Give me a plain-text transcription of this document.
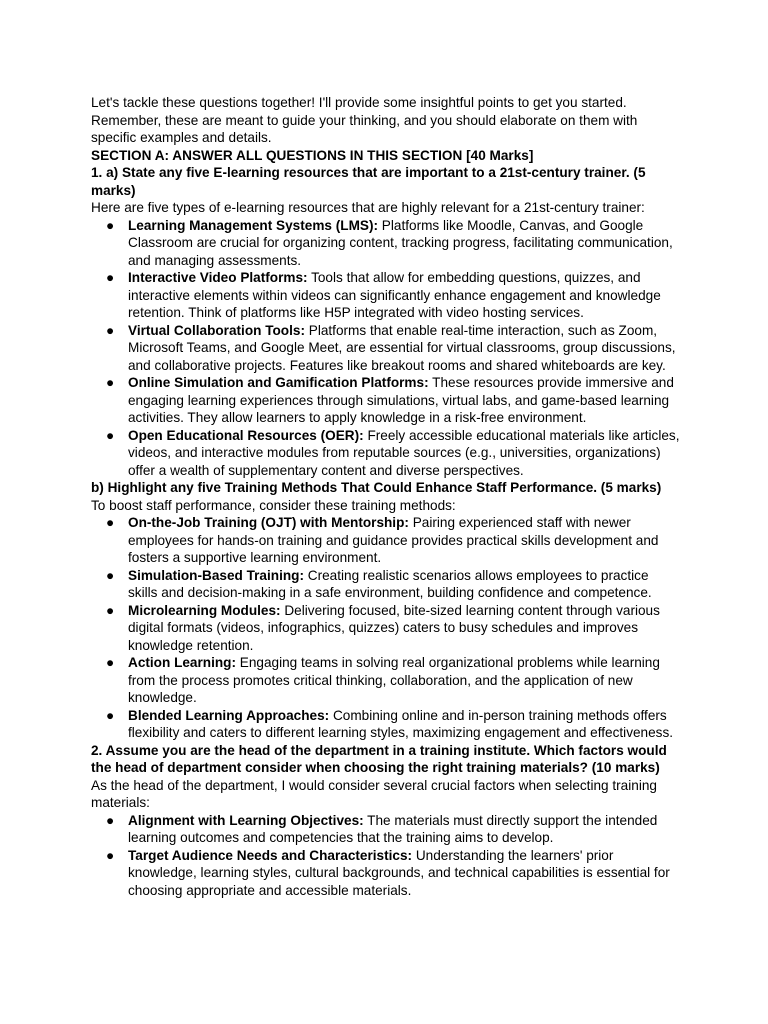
Let's tackle these questions together! I'll provide some insightful points to get you started. Remember, these are meant to guide your thinking, and you should elaborate on them with specific examples and details.

SECTION A: ANSWER ALL QUESTIONS IN THIS SECTION [40 Marks]

1. a) State any five E-learning resources that are important to a 21st-century trainer. (5 marks)

Here are five types of e-learning resources that are highly relevant for a 21st-century trainer:

● Learning Management Systems (LMS): Platforms like Moodle, Canvas, and Google Classroom are crucial for organizing content, tracking progress, facilitating communication, and managing assessments.
● Interactive Video Platforms: Tools that allow for embedding questions, quizzes, and interactive elements within videos can significantly enhance engagement and knowledge retention. Think of platforms like H5P integrated with video hosting services.
● Virtual Collaboration Tools: Platforms that enable real-time interaction, such as Zoom, Microsoft Teams, and Google Meet, are essential for virtual classrooms, group discussions, and collaborative projects. Features like breakout rooms and shared whiteboards are key.
● Online Simulation and Gamification Platforms: These resources provide immersive and engaging learning experiences through simulations, virtual labs, and game-based learning activities. They allow learners to apply knowledge in a risk-free environment.
● Open Educational Resources (OER): Freely accessible educational materials like articles, videos, and interactive modules from reputable sources (e.g., universities, organizations) offer a wealth of supplementary content and diverse perspectives.

b) Highlight any five Training Methods That Could Enhance Staff Performance. (5 marks)

To boost staff performance, consider these training methods:

● On-the-Job Training (OJT) with Mentorship: Pairing experienced staff with newer employees for hands-on training and guidance provides practical skills development and fosters a supportive learning environment.
● Simulation-Based Training: Creating realistic scenarios allows employees to practice skills and decision-making in a safe environment, building confidence and competence.
● Microlearning Modules: Delivering focused, bite-sized learning content through various digital formats (videos, infographics, quizzes) caters to busy schedules and improves knowledge retention.
● Action Learning: Engaging teams in solving real organizational problems while learning from the process promotes critical thinking, collaboration, and the application of new knowledge.
● Blended Learning Approaches: Combining online and in-person training methods offers flexibility and caters to different learning styles, maximizing engagement and effectiveness.

2. Assume you are the head of the department in a training institute. Which factors would the head of department consider when choosing the right training materials? (10 marks)

As the head of the department, I would consider several crucial factors when selecting training materials:

● Alignment with Learning Objectives: The materials must directly support the intended learning outcomes and competencies that the training aims to develop.
● Target Audience Needs and Characteristics: Understanding the learners' prior knowledge, learning styles, cultural backgrounds, and technical capabilities is essential for choosing appropriate and accessible materials.
